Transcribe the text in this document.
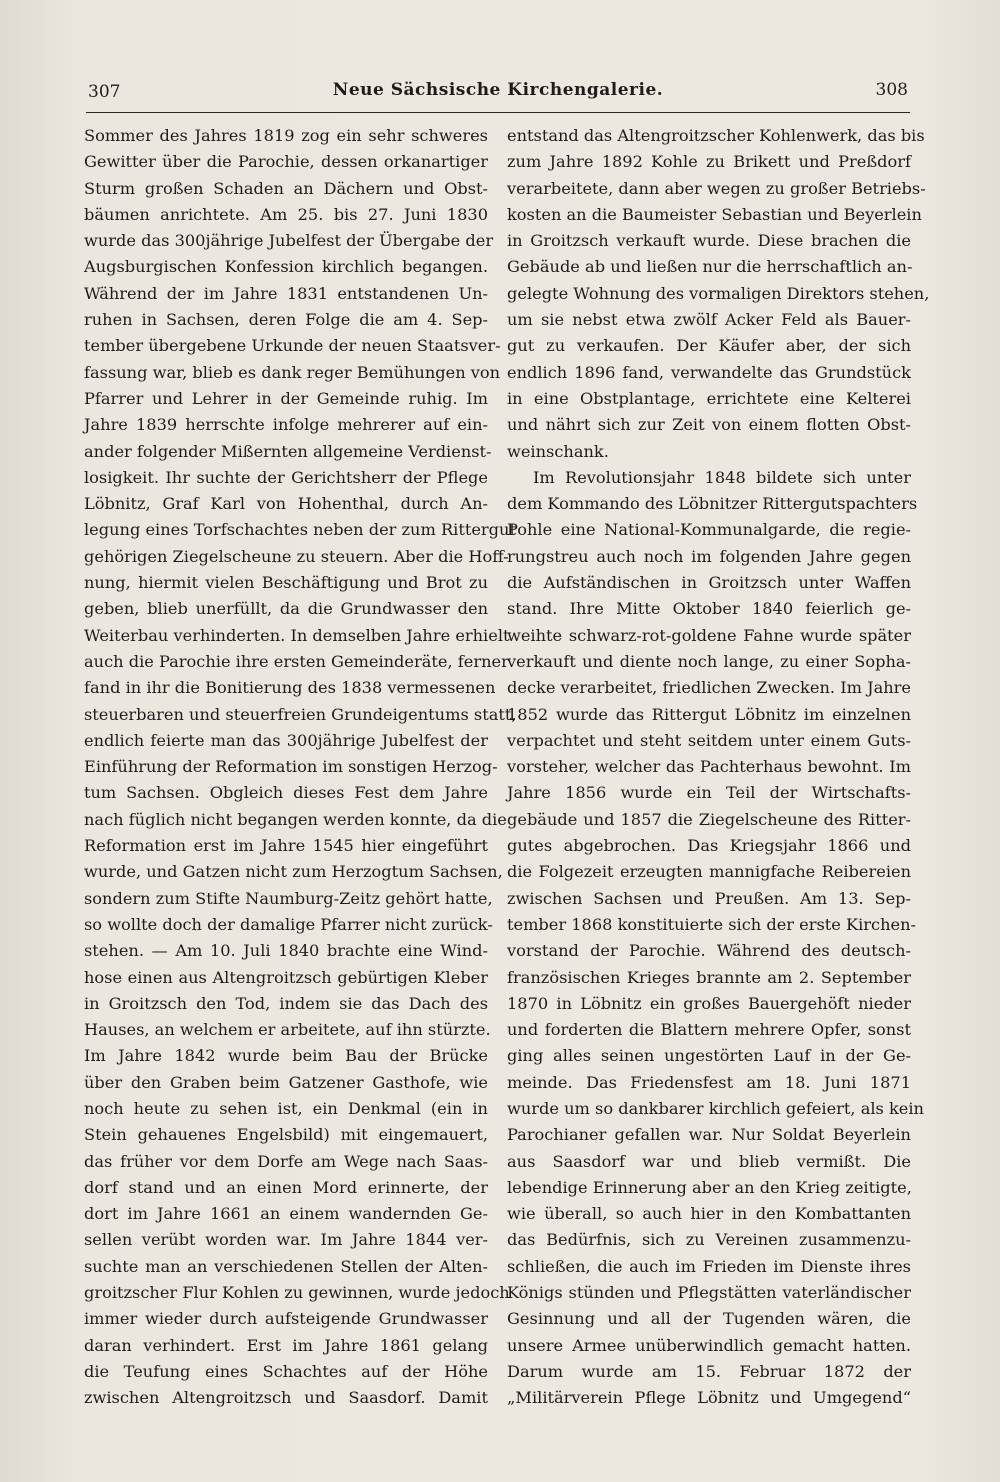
307	Neue Sächsische Kirchengalerie.	308
Sommer des Jahres 1819 zog ein sehr schweres
Gewitter über die Parochie, dessen orkanartiger
Sturm großen Schaden an Dächern und Obst-
bäumen anrichtete. Am 25. bis 27. Juni 1830
wurde das 300jährige Jubelfest der Übergabe der
Augsburgischen Konfession kirchlich begangen.
Während der im Jahre 1831 entstandenen Un-
ruhen in Sachsen, deren Folge die am 4. Sep-
tember übergebene Urkunde der neuen Staatsver-
fassung war, blieb es dank reger Bemühungen von
Pfarrer und Lehrer in der Gemeinde ruhig. Im
Jahre 1839 herrschte infolge mehrerer auf ein-
ander folgender Mißernten allgemeine Verdienst-
losigkeit. Ihr suchte der Gerichtsherr der Pflege
Löbnitz, Graf Karl von Hohenthal, durch An-
legung eines Torfschachtes neben der zum Rittergut
gehörigen Ziegelscheune zu steuern. Aber die Hoff-
nung, hiermit vielen Beschäftigung und Brot zu
geben, blieb unerfüllt, da die Grundwasser den
Weiterbau verhinderten. In demselben Jahre erhielt
auch die Parochie ihre ersten Gemeinderäte, ferner
fand in ihr die Bonitierung des 1838 vermessenen
steuerbaren und steuerfreien Grundeigentums statt,
endlich feierte man das 300jährige Jubelfest der
Einführung der Reformation im sonstigen Herzog-
tum Sachsen. Obgleich dieses Fest dem Jahre
nach füglich nicht begangen werden konnte, da die
Reformation erst im Jahre 1545 hier eingeführt
wurde, und Gatzen nicht zum Herzogtum Sachsen,
sondern zum Stifte Naumburg-Zeitz gehört hatte,
so wollte doch der damalige Pfarrer nicht zurück-
stehen. — Am 10. Juli 1840 brachte eine Wind-
hose einen aus Altengroitzsch gebürtigen Kleber
in Groitzsch den Tod, indem sie das Dach des
Hauses, an welchem er arbeitete, auf ihn stürzte.
Im Jahre 1842 wurde beim Bau der Brücke
über den Graben beim Gatzener Gasthofe, wie
noch heute zu sehen ist, ein Denkmal (ein in
Stein gehauenes Engelsbild) mit eingemauert,
das früher vor dem Dorfe am Wege nach Saas-
dorf stand und an einen Mord erinnerte, der
dort im Jahre 1661 an einem wandernden Ge-
sellen verübt worden war. Im Jahre 1844 ver-
suchte man an verschiedenen Stellen der Alten-
groitzscher Flur Kohlen zu gewinnen, wurde jedoch
immer wieder durch aufsteigende Grundwasser
daran verhindert. Erst im Jahre 1861 gelang
die Teufung eines Schachtes auf der Höhe
zwischen Altengroitzsch und Saasdorf. Damit
entstand das Altengroitzscher Kohlenwerk, das bis
zum Jahre 1892 Kohle zu Brikett und Preßdorf
verarbeitete, dann aber wegen zu großer Betriebs-
kosten an die Baumeister Sebastian und Beyerlein
in Groitzsch verkauft wurde. Diese brachen die
Gebäude ab und ließen nur die herrschaftlich an-
gelegte Wohnung des vormaligen Direktors stehen,
um sie nebst etwa zwölf Acker Feld als Bauer-
gut zu verkaufen. Der Käufer aber, der sich
endlich 1896 fand, verwandelte das Grundstück
in eine Obstplantage, errichtete eine Kelterei
und nährt sich zur Zeit von einem flotten Obst-
weinschank.
Im Revolutionsjahr 1848 bildete sich unter
dem Kommando des Löbnitzer Rittergutspachters
Pohle eine National-Kommunalgarde, die regie-
rungstreu auch noch im folgenden Jahre gegen
die Aufständischen in Groitzsch unter Waffen
stand. Ihre Mitte Oktober 1840 feierlich ge-
weihte schwarz-rot-goldene Fahne wurde später
verkauft und diente noch lange, zu einer Sopha-
decke verarbeitet, friedlichen Zwecken. Im Jahre
1852 wurde das Rittergut Löbnitz im einzelnen
verpachtet und steht seitdem unter einem Guts-
vorsteher, welcher das Pachterhaus bewohnt. Im
Jahre 1856 wurde ein Teil der Wirtschafts-
gebäude und 1857 die Ziegelscheune des Ritter-
gutes abgebrochen. Das Kriegsjahr 1866 und
die Folgezeit erzeugten mannigfache Reibereien
zwischen Sachsen und Preußen. Am 13. Sep-
tember 1868 konstituierte sich der erste Kirchen-
vorstand der Parochie. Während des deutsch-
französischen Krieges brannte am 2. September
1870 in Löbnitz ein großes Bauergehöft nieder
und forderten die Blattern mehrere Opfer, sonst
ging alles seinen ungestörten Lauf in der Ge-
meinde. Das Friedensfest am 18. Juni 1871
wurde um so dankbarer kirchlich gefeiert, als kein
Parochianer gefallen war. Nur Soldat Beyerlein
aus Saasdorf war und blieb vermißt. Die
lebendige Erinnerung aber an den Krieg zeitigte,
wie überall, so auch hier in den Kombattanten
das Bedürfnis, sich zu Vereinen zusammenzu-
schließen, die auch im Frieden im Dienste ihres
Königs stünden und Pflegstätten vaterländischer
Gesinnung und all der Tugenden wären, die
unsere Armee unüberwindlich gemacht hatten.
Darum wurde am 15. Februar 1872 der
„Militärverein Pflege Löbnitz und Umgegend“
